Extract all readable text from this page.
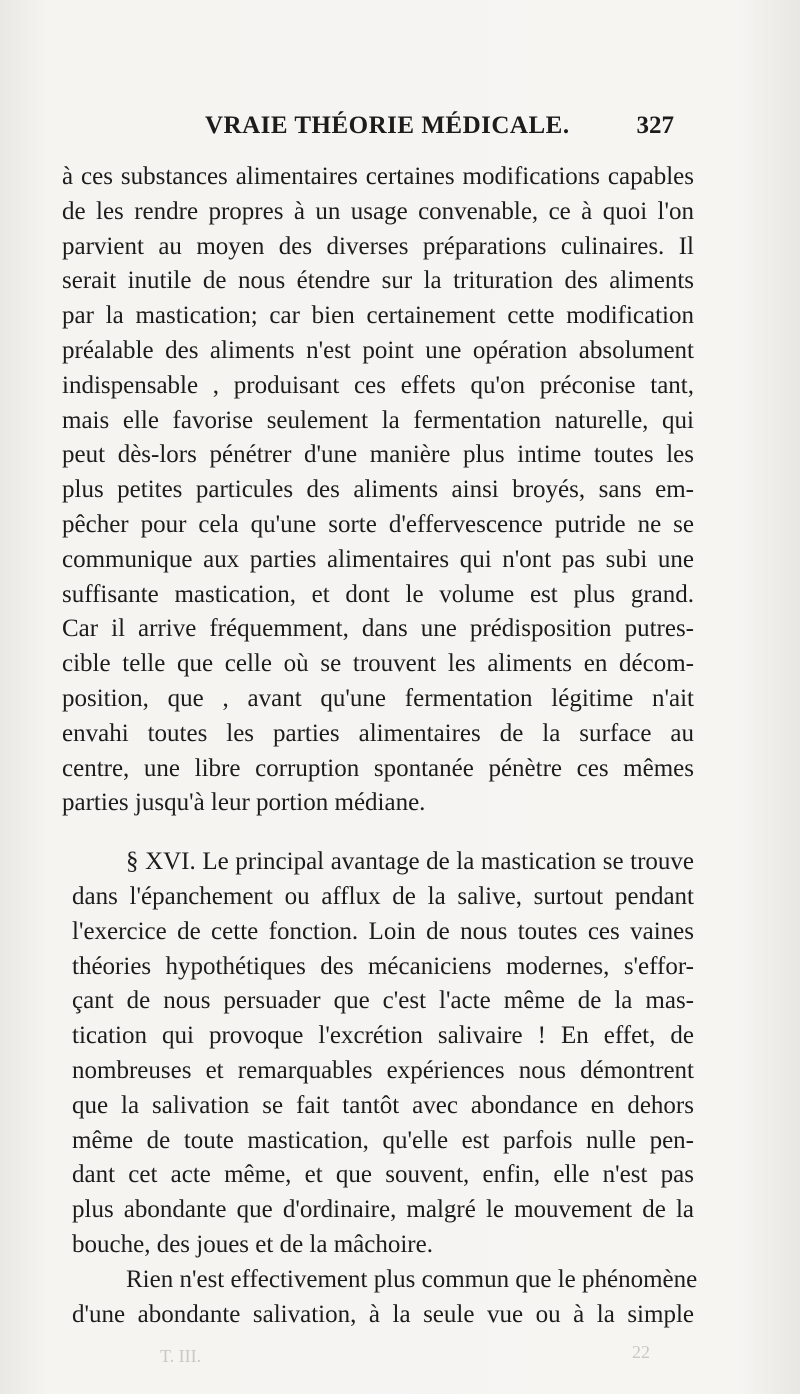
VRAIE THÉORIE MÉDICALE.	327
à ces substances alimentaires certaines modifications capables
de les rendre propres à un usage convenable, ce à quoi l'on
parvient au moyen des diverses préparations culinaires. Il
serait inutile de nous étendre sur la trituration des aliments
par la mastication; car bien certainement cette modification
préalable des aliments n'est point une opération absolument
indispensable , produisant ces effets qu'on préconise tant,
mais elle favorise seulement la fermentation naturelle, qui
peut dès-lors pénétrer d'une manière plus intime toutes les
plus petites particules des aliments ainsi broyés, sans em-
pêcher pour cela qu'une sorte d'effervescence putride ne se
communique aux parties alimentaires qui n'ont pas subi une
suffisante mastication, et dont le volume est plus grand.
Car il arrive fréquemment, dans une prédisposition putres-
cible telle que celle où se trouvent les aliments en décom-
position, que , avant qu'une fermentation légitime n'ait
envahi toutes les parties alimentaires de la surface au
centre, une libre corruption spontanée pénètre ces mêmes
parties jusqu'à leur portion médiane.
§ XVI. Le principal avantage de la mastication se trouve
dans l'épanchement ou afflux de la salive, surtout pendant
l'exercice de cette fonction. Loin de nous toutes ces vaines
théories hypothétiques des mécaniciens modernes, s'effor-
çant de nous persuader que c'est l'acte même de la mas-
tication qui provoque l'excrétion salivaire ! En effet, de
nombreuses et remarquables expériences nous démontrent
que la salivation se fait tantôt avec abondance en dehors
même de toute mastication, qu'elle est parfois nulle pen-
dant cet acte même, et que souvent, enfin, elle n'est pas
plus abondante que d'ordinaire, malgré le mouvement de la
bouche, des joues et de la mâchoire.
Rien n'est effectivement plus commun que le phénomène
d'une abondante salivation, à la seule vue ou à la simple
T. III.	22
